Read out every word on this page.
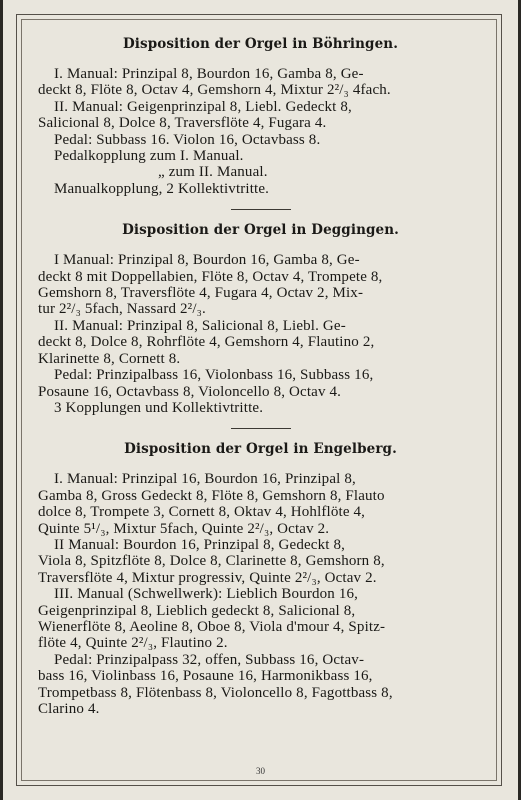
Disposition der Orgel in Böhringen.
I. Manual: Prinzipal 8, Bourdon 16, Gamba 8, Ge-
deckt 8, Flöte 8, Octav 4, Gemshorn 4, Mixtur 2²/₃ 4fach.
II. Manual: Geigenprinzipal 8, Liebl. Gedeckt 8,
Salicional 8, Dolce 8, Traversflöte 4, Fugara 4.
Pedal: Subbass 16. Violon 16, Octavbass 8.
Pedalkopplung zum I. Manual.
„ zum II. Manual.
Manualkopplung, 2 Kollektivtritte.
Disposition der Orgel in Deggingen.
I Manual: Prinzipal 8, Bourdon 16, Gamba 8, Ge-
deckt 8 mit Doppellabien, Flöte 8, Octav 4, Trompete 8,
Gemshorn 8, Traversflöte 4, Fugara 4, Octav 2, Mix-
tur 2²/₃ 5fach, Nassard 2²/₃.
II. Manual: Prinzipal 8, Salicional 8, Liebl. Ge-
deckt 8, Dolce 8, Rohrflöte 4, Gemshorn 4, Flautino 2,
Klarinette 8, Cornett 8.
Pedal: Prinzipalbass 16, Violonbass 16, Subbass 16,
Posaune 16, Octavbass 8, Violoncello 8, Octav 4.
3 Kopplungen und Kollektivtritte.
Disposition der Orgel in Engelberg.
I. Manual: Prinzipal 16, Bourdon 16, Prinzipal 8,
Gamba 8, Gross Gedeckt 8, Flöte 8, Gemshorn 8, Flauto
dolce 8, Trompete 3, Cornett 8, Oktav 4, Hohlflöte 4,
Quinte 5¹/₃, Mixtur 5fach, Quinte 2²/₃, Octav 2.
II Manual: Bourdon 16, Prinzipal 8, Gedeckt 8,
Viola 8, Spitzflöte 8, Dolce 8, Clarinette 8, Gemshorn 8,
Traversflöte 4, Mixtur progressiv, Quinte 2²/₃, Octav 2.
III. Manual (Schwellwerk): Lieblich Bourdon 16,
Geigenprinzipal 8, Lieblich gedeckt 8, Salicional 8,
Wienerflöte 8, Aeoline 8, Oboe 8, Viola d'mour 4, Spitz-
flöte 4, Quinte 2²/₃, Flautino 2.
Pedal: Prinzipalpass 32, offen, Subbass 16, Octav-
bass 16, Violinbass 16, Posaune 16, Harmonikbass 16,
Trompetbass 8, Flötenbass 8, Violoncello 8, Fagottbass 8,
Clarino 4.
30
